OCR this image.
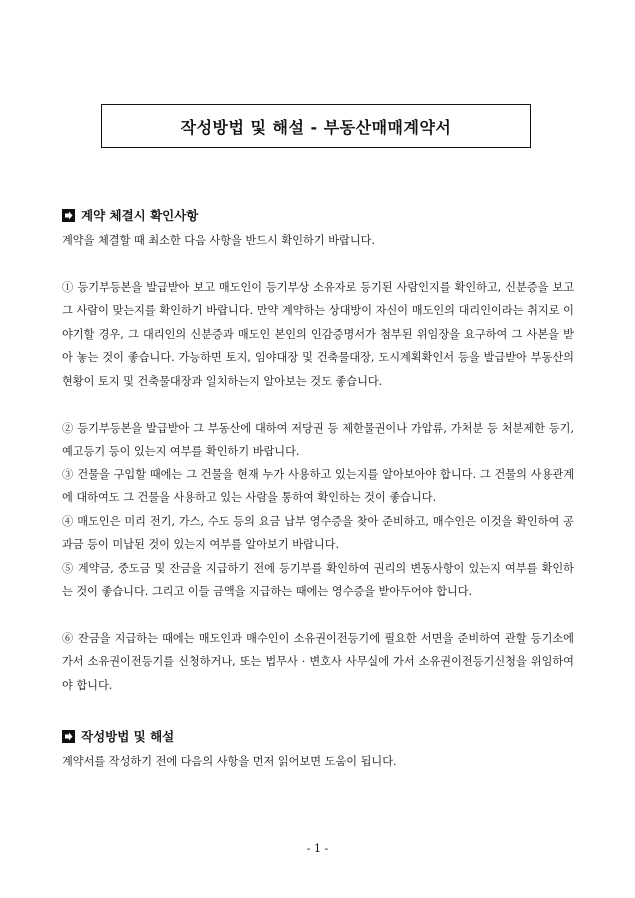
작성방법 및 해설 - 부동산매매계약서
계약 체결시 확인사항

계약을 체결할 때 최소한 다음 사항을 반드시 확인하기 바랍니다.

① 등기부등본을 발급받아 보고 매도인이 등기부상 소유자로 등기된 사람인지를 확인하고, 신분증을 보고 그 사람이 맞는지를 확인하기 바랍니다. 만약 계약하는 상대방이 자신이 매도인의 대리인이라는 취지로 이야기할 경우, 그 대리인의 신분증과 매도인 본인의 인감증명서가 첨부된 위임장을 요구하여 그 사본을 받아 놓는 것이 좋습니다. 가능하면 토지, 임야대장 및 건축물대장, 도시계획확인서 등을 발급받아 부동산의 현황이 토지 및 건축물대장과 일치하는지 알아보는 것도 좋습니다.

② 등기부등본을 발급받아 그 부동산에 대하여 저당권 등 제한물권이나 가압류, 가처분 등 처분제한 등기, 예고등기 등이 있는지 여부를 확인하기 바랍니다.

③ 건물을 구입할 때에는 그 건물을 현재 누가 사용하고 있는지를 알아보아야 합니다. 그 건물의 사용관계에 대하여도 그 건물을 사용하고 있는 사람을 통하여 확인하는 것이 좋습니다.

④ 매도인은 미리 전기, 가스, 수도 등의 요금 납부 영수증을 찾아 준비하고, 매수인은 이것을 확인하여 공과금 등이 미납된 것이 있는지 여부를 알아보기 바랍니다.

⑤ 계약금, 중도금 및 잔금을 지급하기 전에 등기부를 확인하여 권리의 변동사항이 있는지 여부를 확인하는 것이 좋습니다. 그리고 이들 금액을 지급하는 때에는 영수증을 받아두어야 합니다.

⑥ 잔금을 지급하는 때에는 매도인과 매수인이 소유권이전등기에 필요한 서면을 준비하여 관할 등기소에 가서 소유권이전등기를 신청하거나, 또는 법무사 · 변호사 사무실에 가서 소유권이전등기신청을 위임하여야 합니다.

작성방법 및 해설

계약서를 작성하기 전에 다음의 사항을 먼저 읽어보면 도움이 됩니다.

- 1 -
